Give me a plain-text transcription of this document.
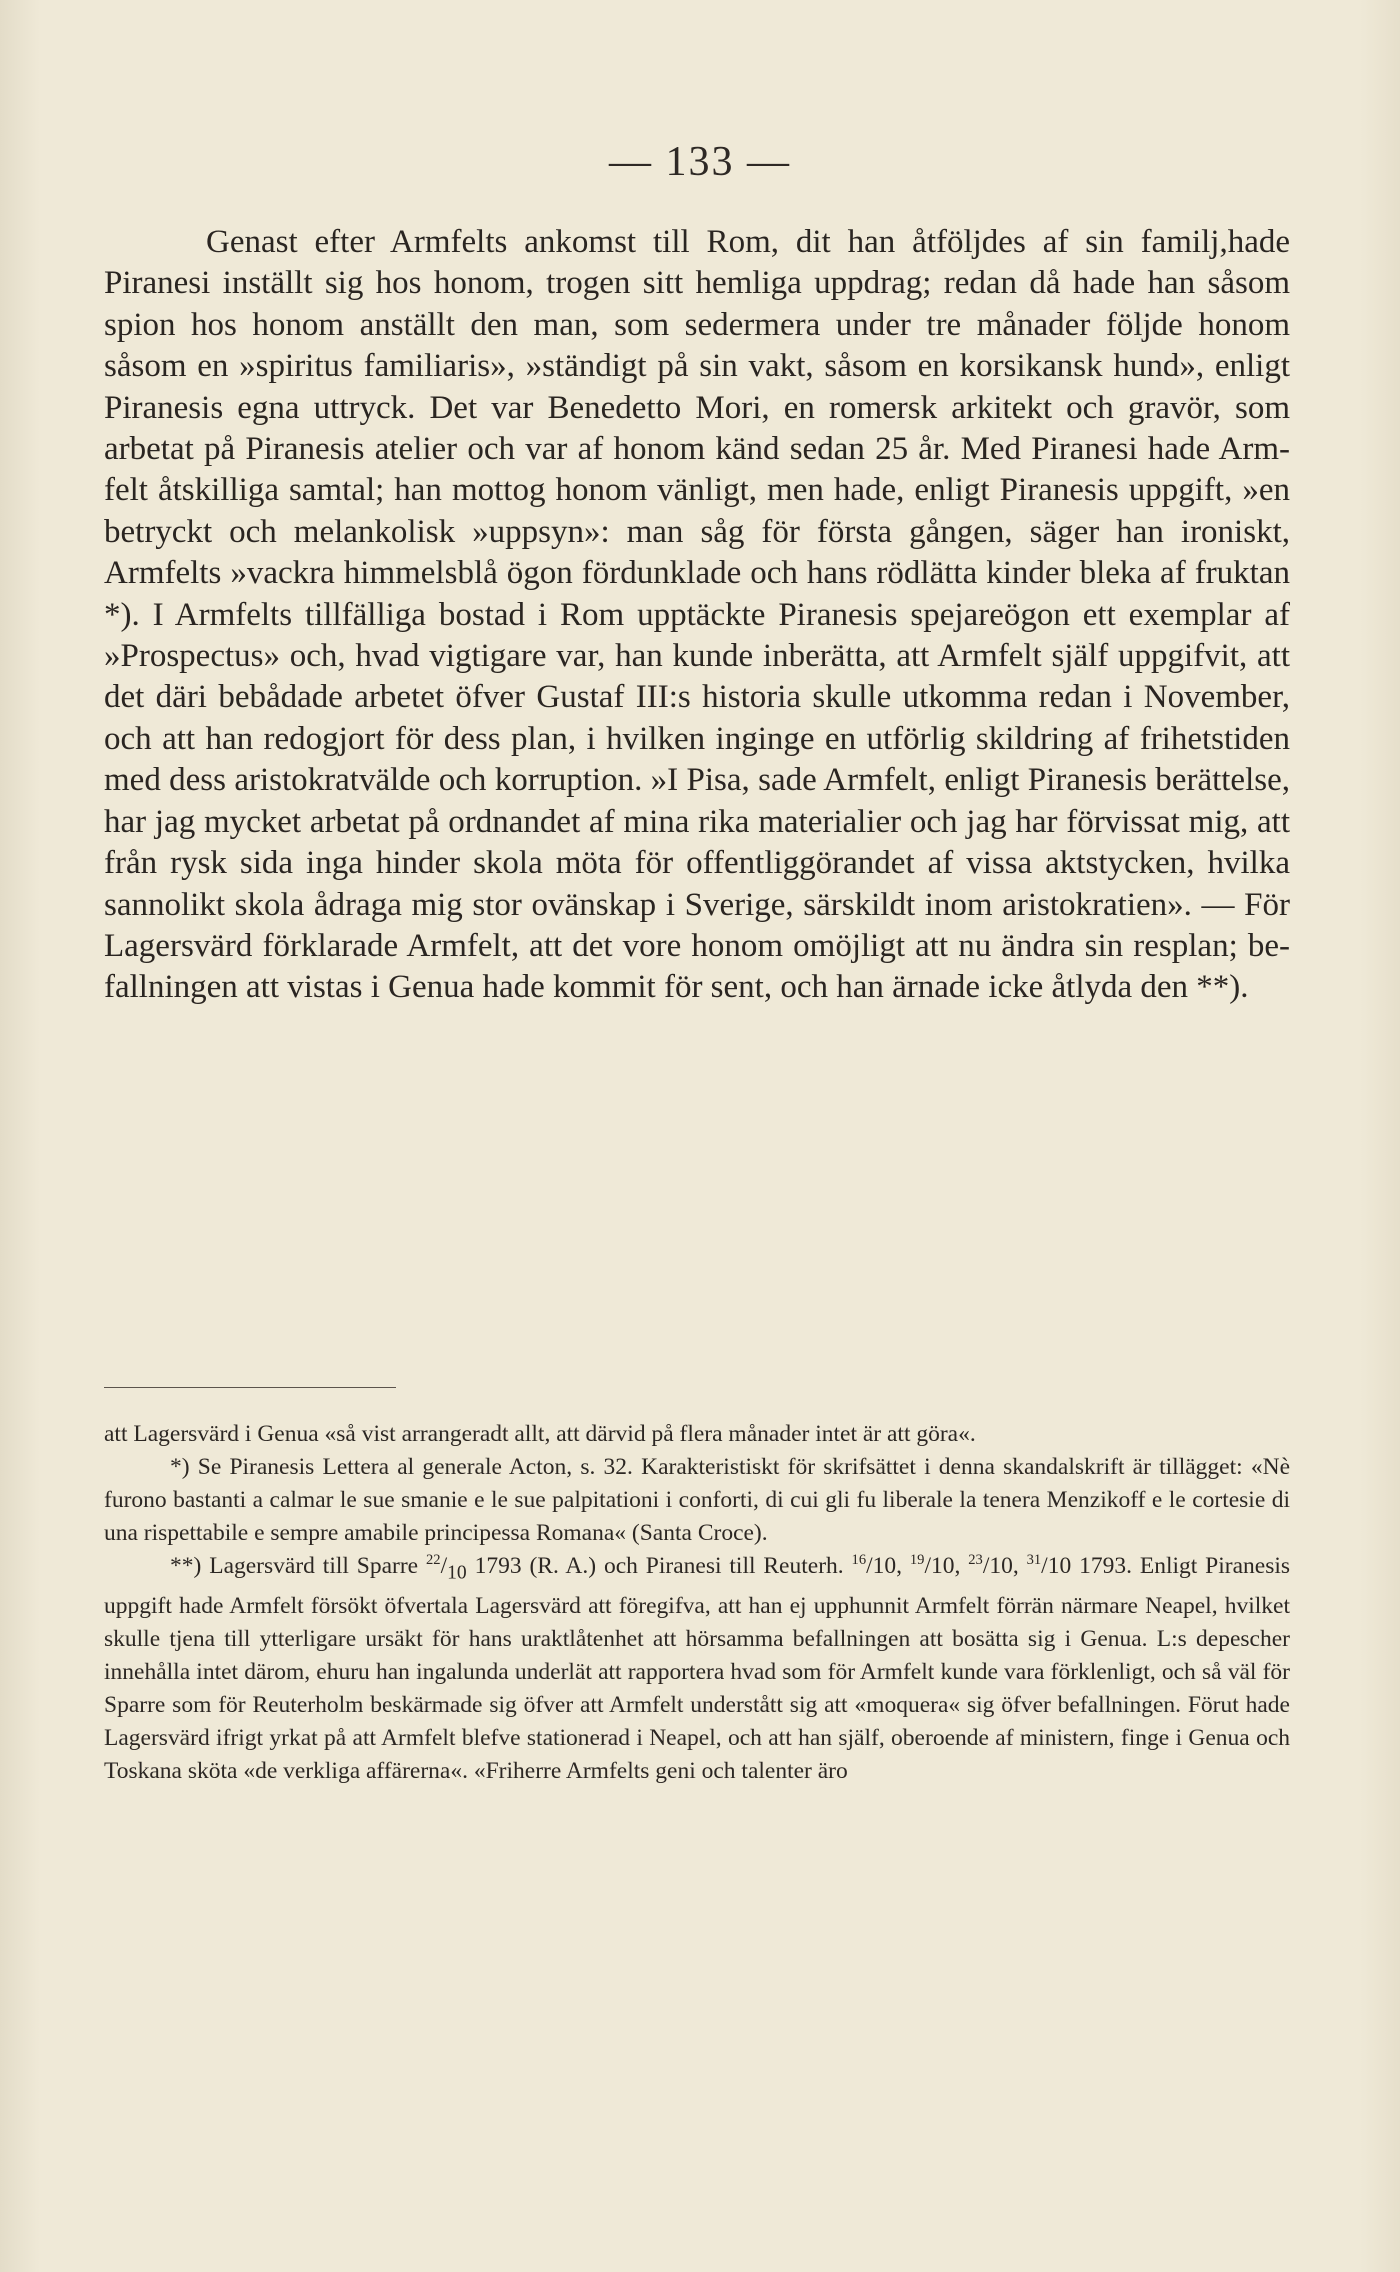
— 133 —

Genast efter Armfelts ankomst till Rom, dit han åtföljdes af sin familj,hade Piranesi inställt sig hos honom, trogen sitt hemliga uppdrag; redan då hade han såsom spion hos honom anställt den man, som sedermera under tre månader följde honom såsom en »spiritus familiaris», »ständigt på sin vakt, såsom en korsikansk hund», enligt Piranesis egna uttryck. Det var Benedetto Mori, en romersk arkitekt och gravör, som arbetat på Piranesis atelier och var af honom känd sedan 25 år. Med Piranesi hade Armfelt åtskilliga samtal; han mottog honom vänligt, men hade, enligt Piranesis uppgift, »en betryckt och melankolisk »uppsyn»: man såg för första gången, säger han ironiskt, Armfelts »vackra himmelsblå ögon fördunklade och hans rödlätta kinder bleka af fruktan *). I Armfelts tillfälliga bostad i Rom upptäckte Piranesis spejareögon ett exemplar af »Prospectus» och, hvad vigtigare var, han kunde inberätta, att Armfelt själf uppgifvit, att det däri bebådade arbetet öfver Gustaf III:s historia skulle utkomma redan i November, och att han redogjort för dess plan, i hvilken inginge en utförlig skildring af frihetstiden med dess aristokratvälde och korruption. »I Pisa, sade Armfelt, enligt Piranesis berättelse, har jag mycket arbetat på ordnandet af mina rika materialier och jag har förvissat mig, att från rysk sida inga hinder skola möta för offentliggörandet af vissa aktstycken, hvilka sannolikt skola ådraga mig stor ovänskap i Sverige, särskildt inom aristokratien». — För Lagersvärd förklarade Armfelt, att det vore honom omöjligt att nu ändra sin resplan; befallningen att vistas i Genua hade kommit för sent, och han ärnade icke åtlyda den **).

att Lagersvärd i Genua «så vist arrangeradt allt, att därvid på flera månader intet är att göra«.

*) Se Piranesis Lettera al generale Acton, s. 32. Karakteristiskt för skrifsättet i denna skandalskrift är tillägget: «Nè furono bastanti a calmar le sue smanie e le sue palpitationi i conforti, di cui gli fu liberale la tenera Menzikoff e le cortesie di una rispettabile e sempre amabile principessa Romana« (Santa Croce).

**) Lagersvärd till Sparre $^{22}/_{10}$ 1793 (R. A.) och Piranesi till Reuterh. $^{16}$/10, $^{19}$/10, $^{23}$/10, $^{31}$/10 1793. Enligt Piranesis uppgift hade Armfelt försökt öfvertala Lagersvärd att föregifva, att han ej upphunnit Armfelt förrän närmare Neapel, hvilket skulle tjena till ytterligare ursäkt för hans uraktlåtenhet att hörsamma befallningen att bosätta sig i Genua. L:s depescher innehålla intet därom, ehuru han ingalunda underlät att rapportera hvad som för Armfelt kunde vara förklenligt, och så väl för Sparre som för Reuterholm beskärmade sig öfver att Armfelt understått sig att «moquera« sig öfver befallningen. Förut hade Lagersvärd ifrigt yrkat på att Armfelt blefve stationerad i Neapel, och att han själf, oberoende af ministern, finge i Genua och Toskana sköta «de verkliga affärerna«. «Friherre Armfelts geni och talenter äro
